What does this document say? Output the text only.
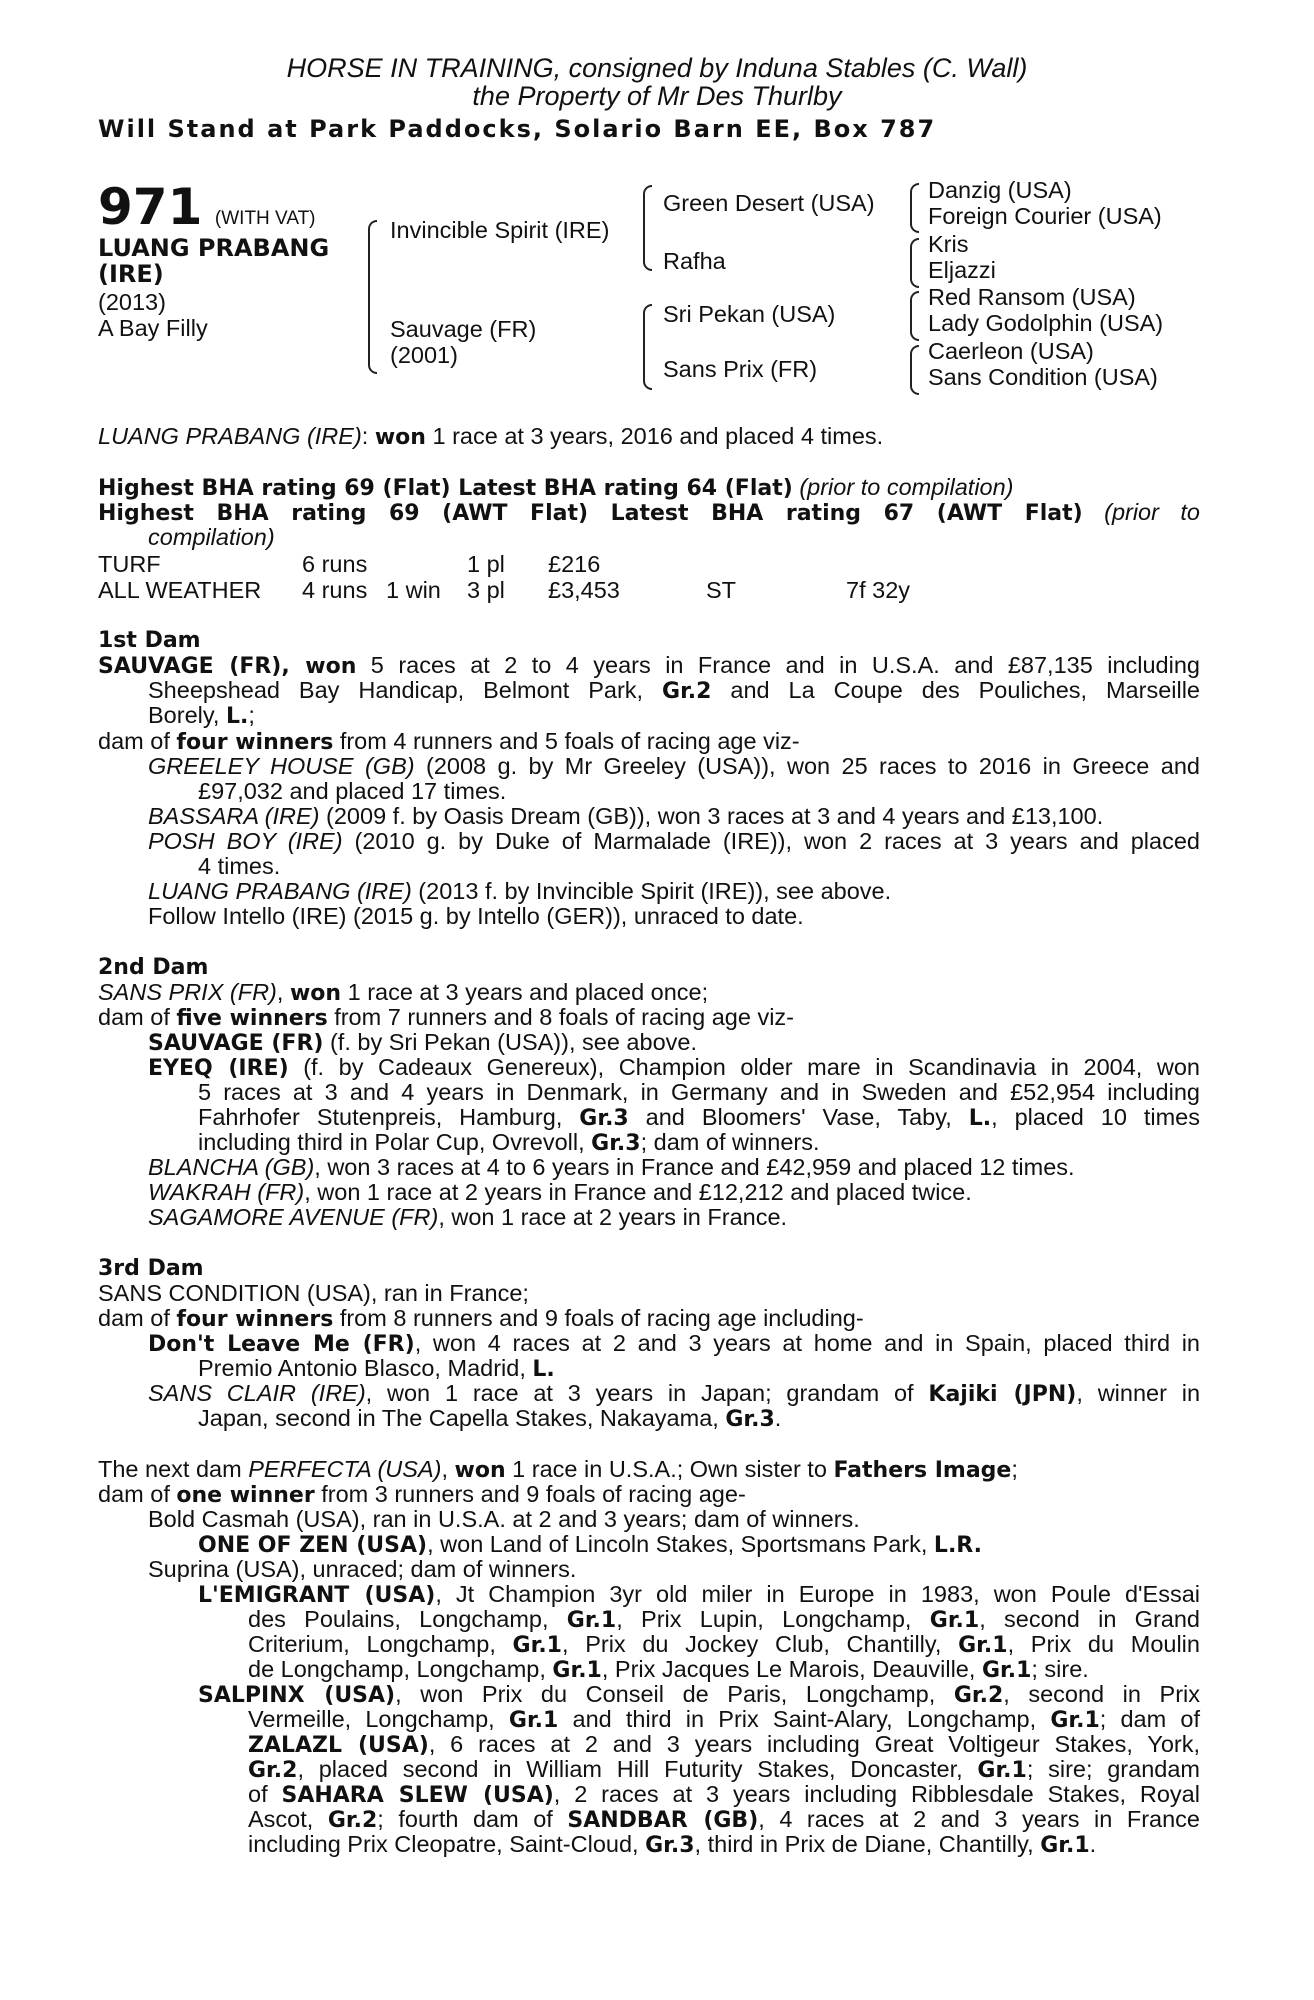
HORSE IN TRAINING, consigned by Induna Stables (C. Wall)
the Property of Mr Des Thurlby
Will Stand at Park Paddocks, Solario Barn EE, Box 787
971 (WITH VAT)
LUANG PRABANG
(IRE)
(2013)
A Bay Filly
Invincible Spirit (IRE)
Sauvage (FR)
(2001)
Green Desert (USA)
Rafha
Sri Pekan (USA)
Sans Prix (FR)
Danzig (USA)
Foreign Courier (USA)
Kris
Eljazzi
Red Ransom (USA)
Lady Godolphin (USA)
Caerleon (USA)
Sans Condition (USA)
LUANG PRABANG (IRE): won 1 race at 3 years, 2016 and placed 4 times.
Highest BHA rating 69 (Flat) Latest BHA rating 64 (Flat) (prior to compilation)
Highest BHA rating 69 (AWT Flat) Latest BHA rating 67 (AWT Flat) (prior to
compilation)
TURF	6 runs	1 pl £216
ALL WEATHER 4 runs 1 win 3 pl £3,453	ST	7f 32y
1st Dam
SAUVAGE (FR), won 5 races at 2 to 4 years in France and in U.S.A. and £87,135 including
Sheepshead Bay Handicap, Belmont Park, Gr.2 and La Coupe des Pouliches, Marseille
Borely, L.;
dam of four winners from 4 runners and 5 foals of racing age viz-
GREELEY HOUSE (GB) (2008 g. by Mr Greeley (USA)), won 25 races to 2016 in Greece and
£97,032 and placed 17 times.
BASSARA (IRE) (2009 f. by Oasis Dream (GB)), won 3 races at 3 and 4 years and £13,100.
POSH BOY (IRE) (2010 g. by Duke of Marmalade (IRE)), won 2 races at 3 years and placed
4 times.
LUANG PRABANG (IRE) (2013 f. by Invincible Spirit (IRE)), see above.
Follow Intello (IRE) (2015 g. by Intello (GER)), unraced to date.
2nd Dam
SANS PRIX (FR), won 1 race at 3 years and placed once;
dam of five winners from 7 runners and 8 foals of racing age viz-
SAUVAGE (FR) (f. by Sri Pekan (USA)), see above.
EYEQ (IRE) (f. by Cadeaux Genereux), Champion older mare in Scandinavia in 2004, won
5 races at 3 and 4 years in Denmark, in Germany and in Sweden and £52,954 including
Fahrhofer Stutenpreis, Hamburg, Gr.3 and Bloomers' Vase, Taby, L., placed 10 times
including third in Polar Cup, Ovrevoll, Gr.3; dam of winners.
BLANCHA (GB), won 3 races at 4 to 6 years in France and £42,959 and placed 12 times.
WAKRAH (FR), won 1 race at 2 years in France and £12,212 and placed twice.
SAGAMORE AVENUE (FR), won 1 race at 2 years in France.
3rd Dam
SANS CONDITION (USA), ran in France;
dam of four winners from 8 runners and 9 foals of racing age including-
Don't Leave Me (FR), won 4 races at 2 and 3 years at home and in Spain, placed third in
Premio Antonio Blasco, Madrid, L.
SANS CLAIR (IRE), won 1 race at 3 years in Japan; grandam of Kajiki (JPN), winner in
Japan, second in The Capella Stakes, Nakayama, Gr.3.
The next dam PERFECTA (USA), won 1 race in U.S.A.; Own sister to Fathers Image;
dam of one winner from 3 runners and 9 foals of racing age-
Bold Casmah (USA), ran in U.S.A. at 2 and 3 years; dam of winners.
ONE OF ZEN (USA), won Land of Lincoln Stakes, Sportsmans Park, L.R.
Suprina (USA), unraced; dam of winners.
L'EMIGRANT (USA), Jt Champion 3yr old miler in Europe in 1983, won Poule d'Essai
des Poulains, Longchamp, Gr.1, Prix Lupin, Longchamp, Gr.1, second in Grand
Criterium, Longchamp, Gr.1, Prix du Jockey Club, Chantilly, Gr.1, Prix du Moulin
de Longchamp, Longchamp, Gr.1, Prix Jacques Le Marois, Deauville, Gr.1; sire.
SALPINX (USA), won Prix du Conseil de Paris, Longchamp, Gr.2, second in Prix
Vermeille, Longchamp, Gr.1 and third in Prix Saint-Alary, Longchamp, Gr.1; dam of
ZALAZL (USA), 6 races at 2 and 3 years including Great Voltigeur Stakes, York,
Gr.2, placed second in William Hill Futurity Stakes, Doncaster, Gr.1; sire; grandam
of SAHARA SLEW (USA), 2 races at 3 years including Ribblesdale Stakes, Royal
Ascot, Gr.2; fourth dam of SANDBAR (GB), 4 races at 2 and 3 years in France
including Prix Cleopatre, Saint-Cloud, Gr.3, third in Prix de Diane, Chantilly, Gr.1.
